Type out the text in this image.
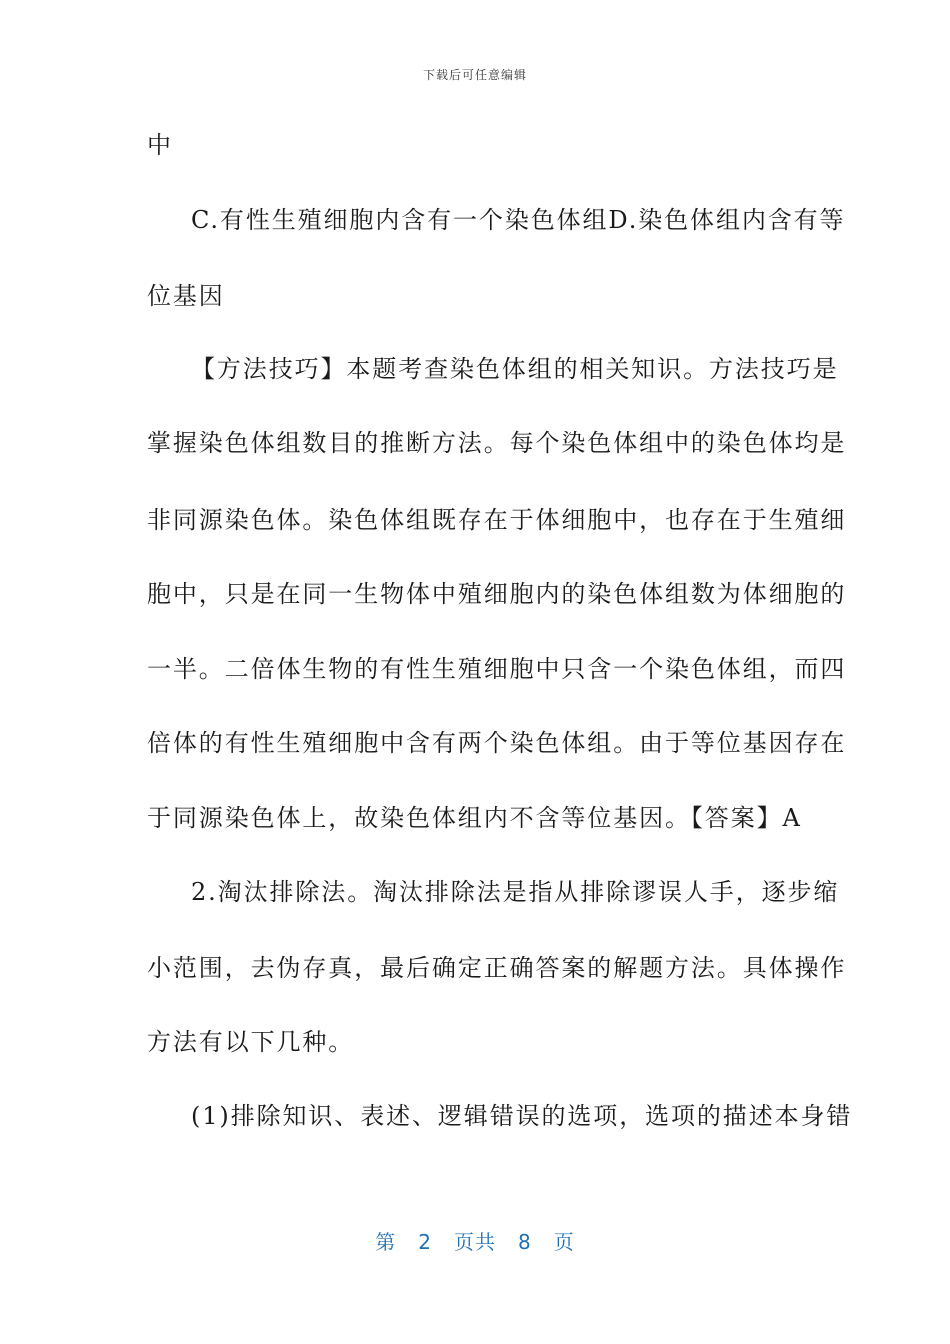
下载后可任意编辑
中
C.有性生殖细胞内含有一个染色体组D.染色体组内含有等
位基因
【方法技巧】本题考查染色体组的相关知识。方法技巧是
掌握染色体组数目的推断方法。每个染色体组中的染色体均是
非同源染色体。染色体组既存在于体细胞中，也存在于生殖细
胞中，只是在同一生物体中殖细胞内的染色体组数为体细胞的
一半。二倍体生物的有性生殖细胞中只含一个染色体组，而四
倍体的有性生殖细胞中含有两个染色体组。由于等位基因存在
于同源染色体上，故染色体组内不含等位基因。【答案】A
2.淘汰排除法。淘汰排除法是指从排除谬误人手，逐步缩
小范围，去伪存真，最后确定正确答案的解题方法。具体操作
方法有以下几种。
(1)排除知识、表述、逻辑错误的选项，选项的描述本身错
第 2 页共 8 页
